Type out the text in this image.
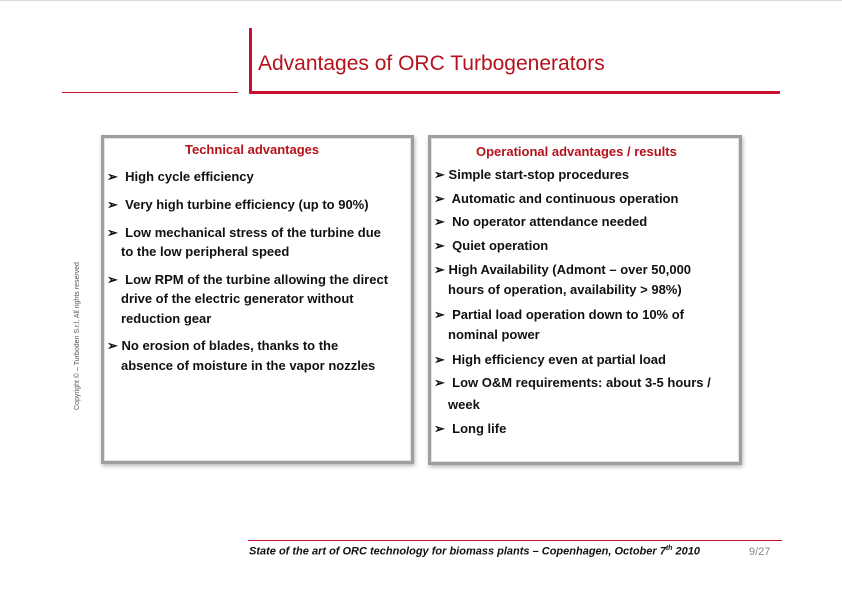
Advantages of ORC Turbogenerators
Copyright © – Turboden S.r.l. All rights reserved
Technical advantages
➢ High cycle efficiency
➢ Very high turbine efficiency (up to 90%)
➢ Low mechanical stress of the turbine due
to the low peripheral speed
➢ Low RPM of the turbine allowing the direct
drive of the electric generator without
reduction gear
➢ No erosion of blades, thanks to the
absence of moisture in the vapor nozzles
Operational advantages / results
➢ Simple start-stop procedures
➢ Automatic and continuous operation
➢ No operator attendance needed
➢ Quiet operation
➢ High Availability (Admont – over 50,000
hours of operation, availability > 98%)
➢ Partial load operation down to 10% of
nominal power
➢ High efficiency even at partial load
➢ Low O&M requirements: about 3-5 hours /
week
➢ Long life
State of the art of ORC technology for biomass plants – Copenhagen, October 7th 2010	9/27
